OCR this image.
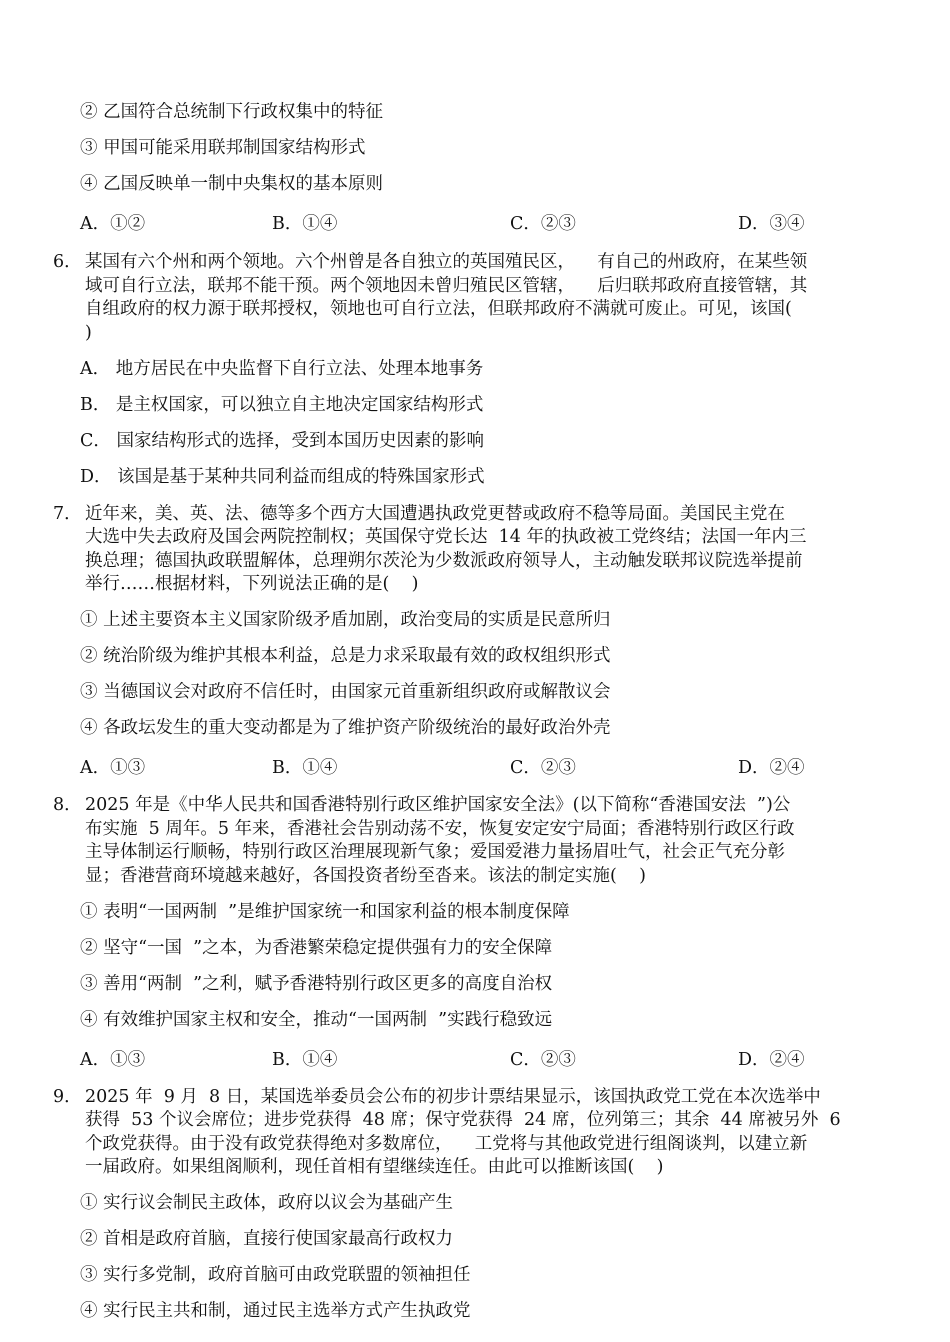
② 乙国符合总统制下行政权集中的特征
③ 甲国可能采用联邦制国家结构形式
④ 乙国反映单一制中央集权的基本原则
A．①②	B．①④	C．②③	D．③④
6． 某国有六个州和两个领地。六个州曾是各自独立的英国殖民区，    有自己的州政府，在某些领
域可自行立法，联邦不能干预。两个领地因未曾归殖民区管辖，    后归联邦政府直接管辖，其
自组政府的权力源于联邦授权，领地也可自行立法，但联邦政府不满就可废止。可见，该国(
)
A． 地方居民在中央监督下自行立法、处理本地事务
B． 是主权国家，可以独立自主地决定国家结构形式
C． 国家结构形式的选择，受到本国历史因素的影响
D． 该国是基于某种共同利益而组成的特殊国家形式
7． 近年来，美、英、法、德等多个西方大国遭遇执政党更替或政府不稳等局面。美国民主党在
大选中失去政府及国会两院控制权；英国保守党长达  14 年的执政被工党终结；法国一年内三
换总理；德国执政联盟解体，总理朔尔茨沦为少数派政府领导人，主动触发联邦议院选举提前
举行……根据材料，下列说法正确的是(    )
① 上述主要资本主义国家阶级矛盾加剧，政治变局的实质是民意所归
② 统治阶级为维护其根本利益，总是力求采取最有效的政权组织形式
③ 当德国议会对政府不信任时，由国家元首重新组织政府或解散议会
④ 各政坛发生的重大变动都是为了维护资产阶级统治的最好政治外壳
A．①③	B．①④	C．②③	D．②④
8． 2025 年是《中华人民共和国香港特别行政区维护国家安全法》(以下简称“香港国安法  ”)公
布实施  5 周年。5 年来，香港社会告别动荡不安，恢复安定安宁局面；香港特别行政区行政
主导体制运行顺畅，特别行政区治理展现新气象；爱国爱港力量扬眉吐气，社会正气充分彰
显；香港营商环境越来越好，各国投资者纷至沓来。该法的制定实施(    )
① 表明“一国两制  ”是维护国家统一和国家利益的根本制度保障
② 坚守“一国  ”之本，为香港繁荣稳定提供强有力的安全保障
③ 善用“两制  ”之利，赋予香港特别行政区更多的高度自治权
④ 有效维护国家主权和安全，推动“一国两制  ”实践行稳致远
A．①③	B．①④	C．②③	D．②④
9． 2025 年  9 月  8 日，某国选举委员会公布的初步计票结果显示，该国执政党工党在本次选举中
获得  53 个议会席位；进步党获得  48 席；保守党获得  24 席，位列第三；其余  44 席被另外  6
个政党获得。由于没有政党获得绝对多数席位，    工党将与其他政党进行组阁谈判，以建立新
一届政府。如果组阁顺利，现任首相有望继续连任。由此可以推断该国(    )
① 实行议会制民主政体，政府以议会为基础产生
② 首相是政府首脑，直接行使国家最高行政权力
③ 实行多党制，政府首脑可由政党联盟的领袖担任
④ 实行民主共和制，通过民主选举方式产生执政党
